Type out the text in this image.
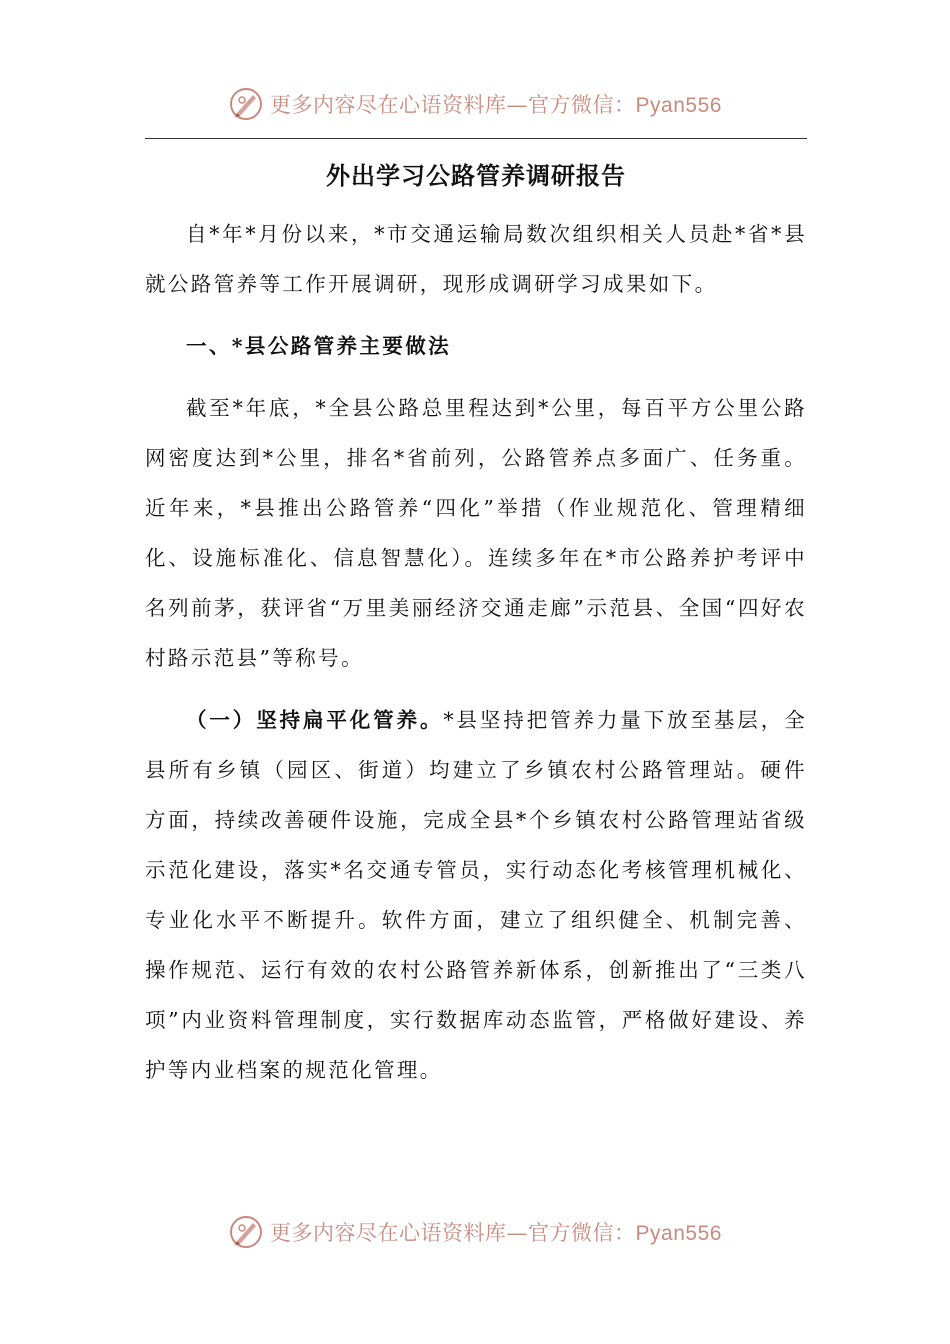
更多内容尽在心语资料库—官方微信：Pyan556
外出学习公路管养调研报告

自*年*月份以来，*市交通运输局数次组织相关人员赴*省*县就公路管养等工作开展调研，现形成调研学习成果如下。

一、*县公路管养主要做法

截至*年底，*全县公路总里程达到*公里，每百平方公里公路网密度达到*公里，排名*省前列，公路管养点多面广、任务重。近年来，*县推出公路管养“四化”举措（作业规范化、管理精细化、设施标准化、信息智慧化）。连续多年在*市公路养护考评中名列前茅，获评省“万里美丽经济交通走廊”示范县、全国“四好农村路示范县”等称号。

（一）坚持扁平化管养。*县坚持把管养力量下放至基层，全县所有乡镇（园区、街道）均建立了乡镇农村公路管理站。硬件方面，持续改善硬件设施，完成全县*个乡镇农村公路管理站省级示范化建设，落实*名交通专管员，实行动态化考核管理机械化、专业化水平不断提升。软件方面，建立了组织健全、机制完善、操作规范、运行有效的农村公路管养新体系，创新推出了“三类八项”内业资料管理制度，实行数据库动态监管，严格做好建设、养护等内业档案的规范化管理。

更多内容尽在心语资料库—官方微信：Pyan556
